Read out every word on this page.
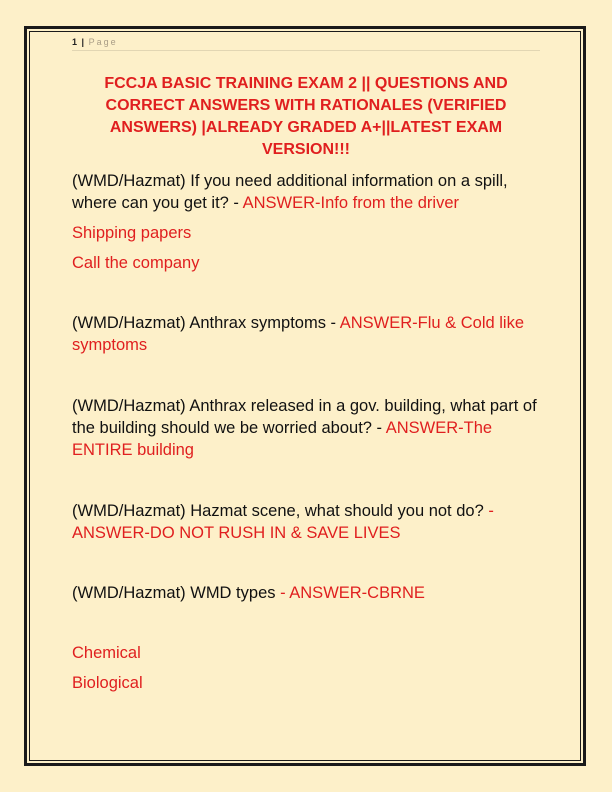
1 | Page
FCCJA BASIC TRAINING EXAM 2 || QUESTIONS AND CORRECT ANSWERS WITH RATIONALES (VERIFIED ANSWERS) |ALREADY GRADED A+||LATEST EXAM VERSION!!!

(WMD/Hazmat) If you need additional information on a spill, where can you get it? - ANSWER-Info from the driver

Shipping papers

Call the company

(WMD/Hazmat) Anthrax symptoms - ANSWER-Flu & Cold like symptoms

(WMD/Hazmat) Anthrax released in a gov. building, what part of the building should we be worried about? - ANSWER-The ENTIRE building

(WMD/Hazmat) Hazmat scene, what should you not do? - ANSWER-DO NOT RUSH IN & SAVE LIVES

(WMD/Hazmat) WMD types - ANSWER-CBRNE

Chemical

Biological
